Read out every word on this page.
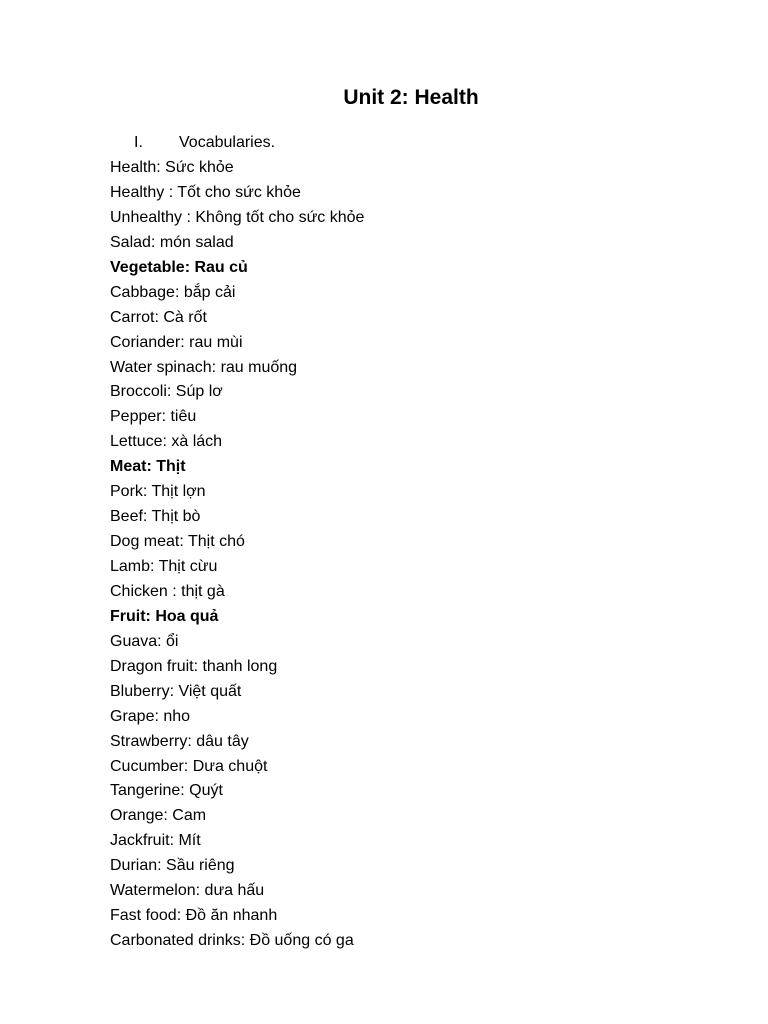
Unit 2: Health
I. Vocabularies.
Health: Sức khỏe
Healthy : Tốt cho sức khỏe
Unhealthy : Không tốt cho sức khỏe
Salad: món salad
Vegetable: Rau củ
Cabbage: bắp cải
Carrot: Cà rốt
Coriander: rau mùi
Water spinach: rau muống
Broccoli: Súp lơ
Pepper: tiêu
Lettuce: xà lách
Meat: Thịt
Pork: Thịt lợn
Beef: Thịt bò
Dog meat: Thịt chó
Lamb: Thịt cừu
Chicken : thịt gà
Fruit: Hoa quả
Guava: ổi
Dragon fruit: thanh long
Bluberry: Việt quất
Grape: nho
Strawberry: dâu tây
Cucumber: Dưa chuột
Tangerine: Quýt
Orange: Cam
Jackfruit: Mít
Durian: Sầu riêng
Watermelon: dưa hấu
Fast food: Đồ ăn nhanh
Carbonated drinks: Đồ uống có ga
